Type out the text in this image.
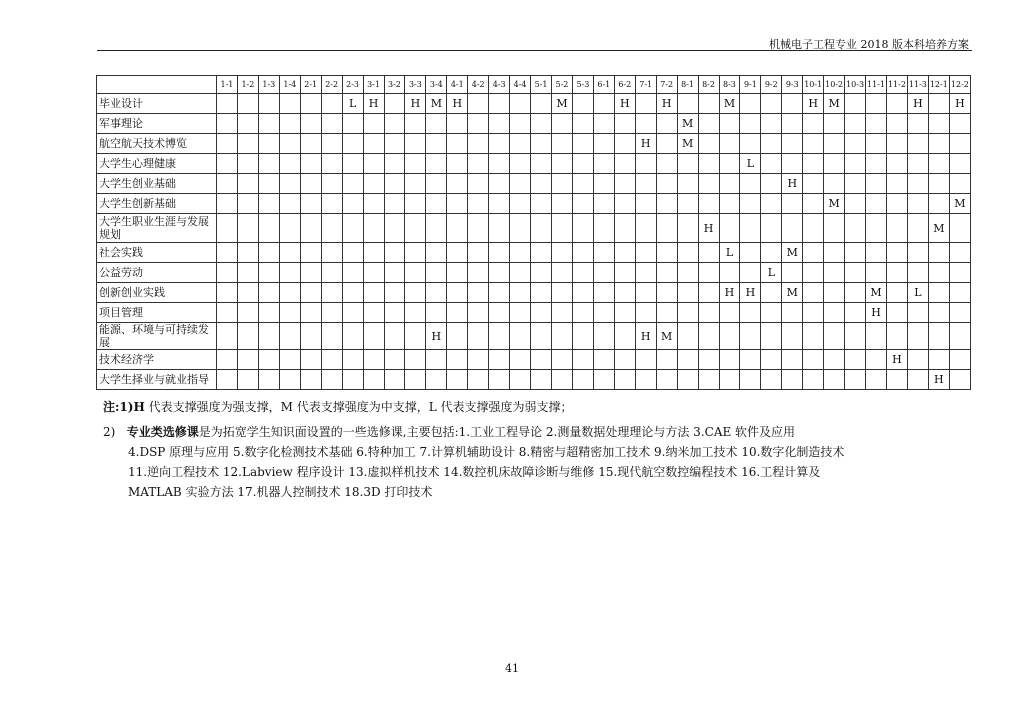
机械电子工程专业 2018 版本科培养方案
	1-1	1-2	1-3	1-4	2-1	2-2	2-3	3-1	3-2	3-3	3-4	4-1	4-2	4-3	4-4	5-1	5-2	5-3	6-1	6-2	7-1	7-2	8-1	8-2	8-3	9-1	9-2	9-3	10-1	10-2	10-3	11-1	11-2	11-3	12-1	12-2
毕业设计							L	H		H	M	H					M			H		H			M				H	M				H		H
军事理论																							M													
航空航天技术博览																					H		M													
大学生心理健康																										L										
大学生创业基础																												H								
大学生创新基础																														M						M
大学生职业生涯与发展规划																								H											M	
社会实践																									L			M								
公益劳动																											L									
创新创业实践																									H	H		M				M		L		
项目管理																																H				
能源、环境与可持续发展											H										H	M														
技术经济学																																	H			
大学生择业与就业指导																																			H	
注:1)H 代表支撑强度为强支撑，M 代表支撑强度为中支撑，L 代表支撑强度为弱支撑；
2) 专业类选修课是为拓宽学生知识面设置的一些选修课,主要包括:1.工业工程导论 2.测量数据处理理论与方法 3.CAE 软件及应用
4.DSP 原理与应用 5.数字化检测技术基础 6.特种加工 7.计算机辅助设计 8.精密与超精密加工技术 9.纳米加工技术 10.数字化制造技术
11.逆向工程技术 12.Labview 程序设计 13.虚拟样机技术 14.数控机床故障诊断与维修 15.现代航空数控编程技术 16.工程计算及
MATLAB 实验方法 17.机器人控制技术 18.3D 打印技术
41
